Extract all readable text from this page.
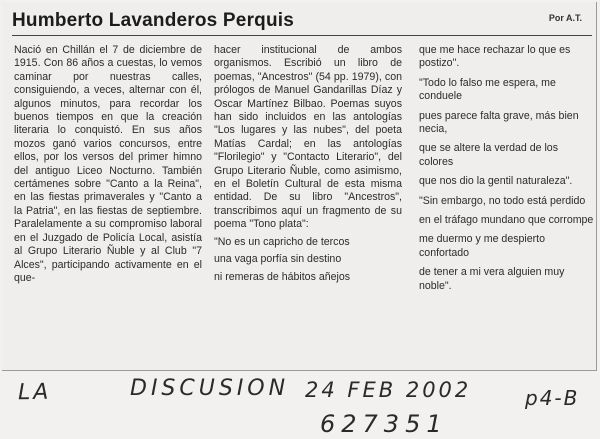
Humberto Lavanderos Perquis	Por A.T.

Nació en Chillán el 7 de diciembre de 1915. Con 86 años a cuestas, lo vemos caminar por nuestras calles, consiguiendo, a veces, alternar con él, algunos minutos, para recordar los buenos tiempos en que la creación literaria lo conquistó. En sus años mozos ganó varios concursos, entre ellos, por los versos del primer himno del antiguo Liceo Nocturno. También certámenes sobre "Canto a la Reina", en las fiestas primaverales y "Canto a la Patria", en las fiestas de septiembre. Paralelamente a su compromiso laboral en el Juzgado de Policía Local, asistía al Grupo Literario Ñuble y al Club "7 Alces", participando activamente en el que-

hacer institucional de ambos organismos. Escribió un libro de poemas, "Ancestros" (54 pp. 1979), con prólogos de Manuel Gandarillas Díaz y Oscar Martínez Bilbao. Poemas suyos han sido incluidos en las antologías "Los lugares y las nubes", del poeta Matías Cardal; en las antologías "Florilegio" y "Contacto Literario", del Grupo Literario Ñuble, como asimismo, en el Boletín Cultural de esta misma entidad. De su libro "Ancestros", transcribimos aquí un fragmento de su poema "Tono plata":

"No es un capricho de tercos

una vaga porfía sin destino

ni remeras de hábitos añejos

que me hace rechazar lo que es postizo".

"Todo lo falso me espera, me conduele

pues parece falta grave, más bien necia,

que se altere la verdad de los colores

que nos dio la gentil naturaleza".

"Sin embargo, no todo está perdido

en el tráfago mundano que corrompe

me duermo y me despierto confortado

de tener a mi vera alguien muy noble".

LA	DISCUSION 24 FEB 2002	p4-B
627351
